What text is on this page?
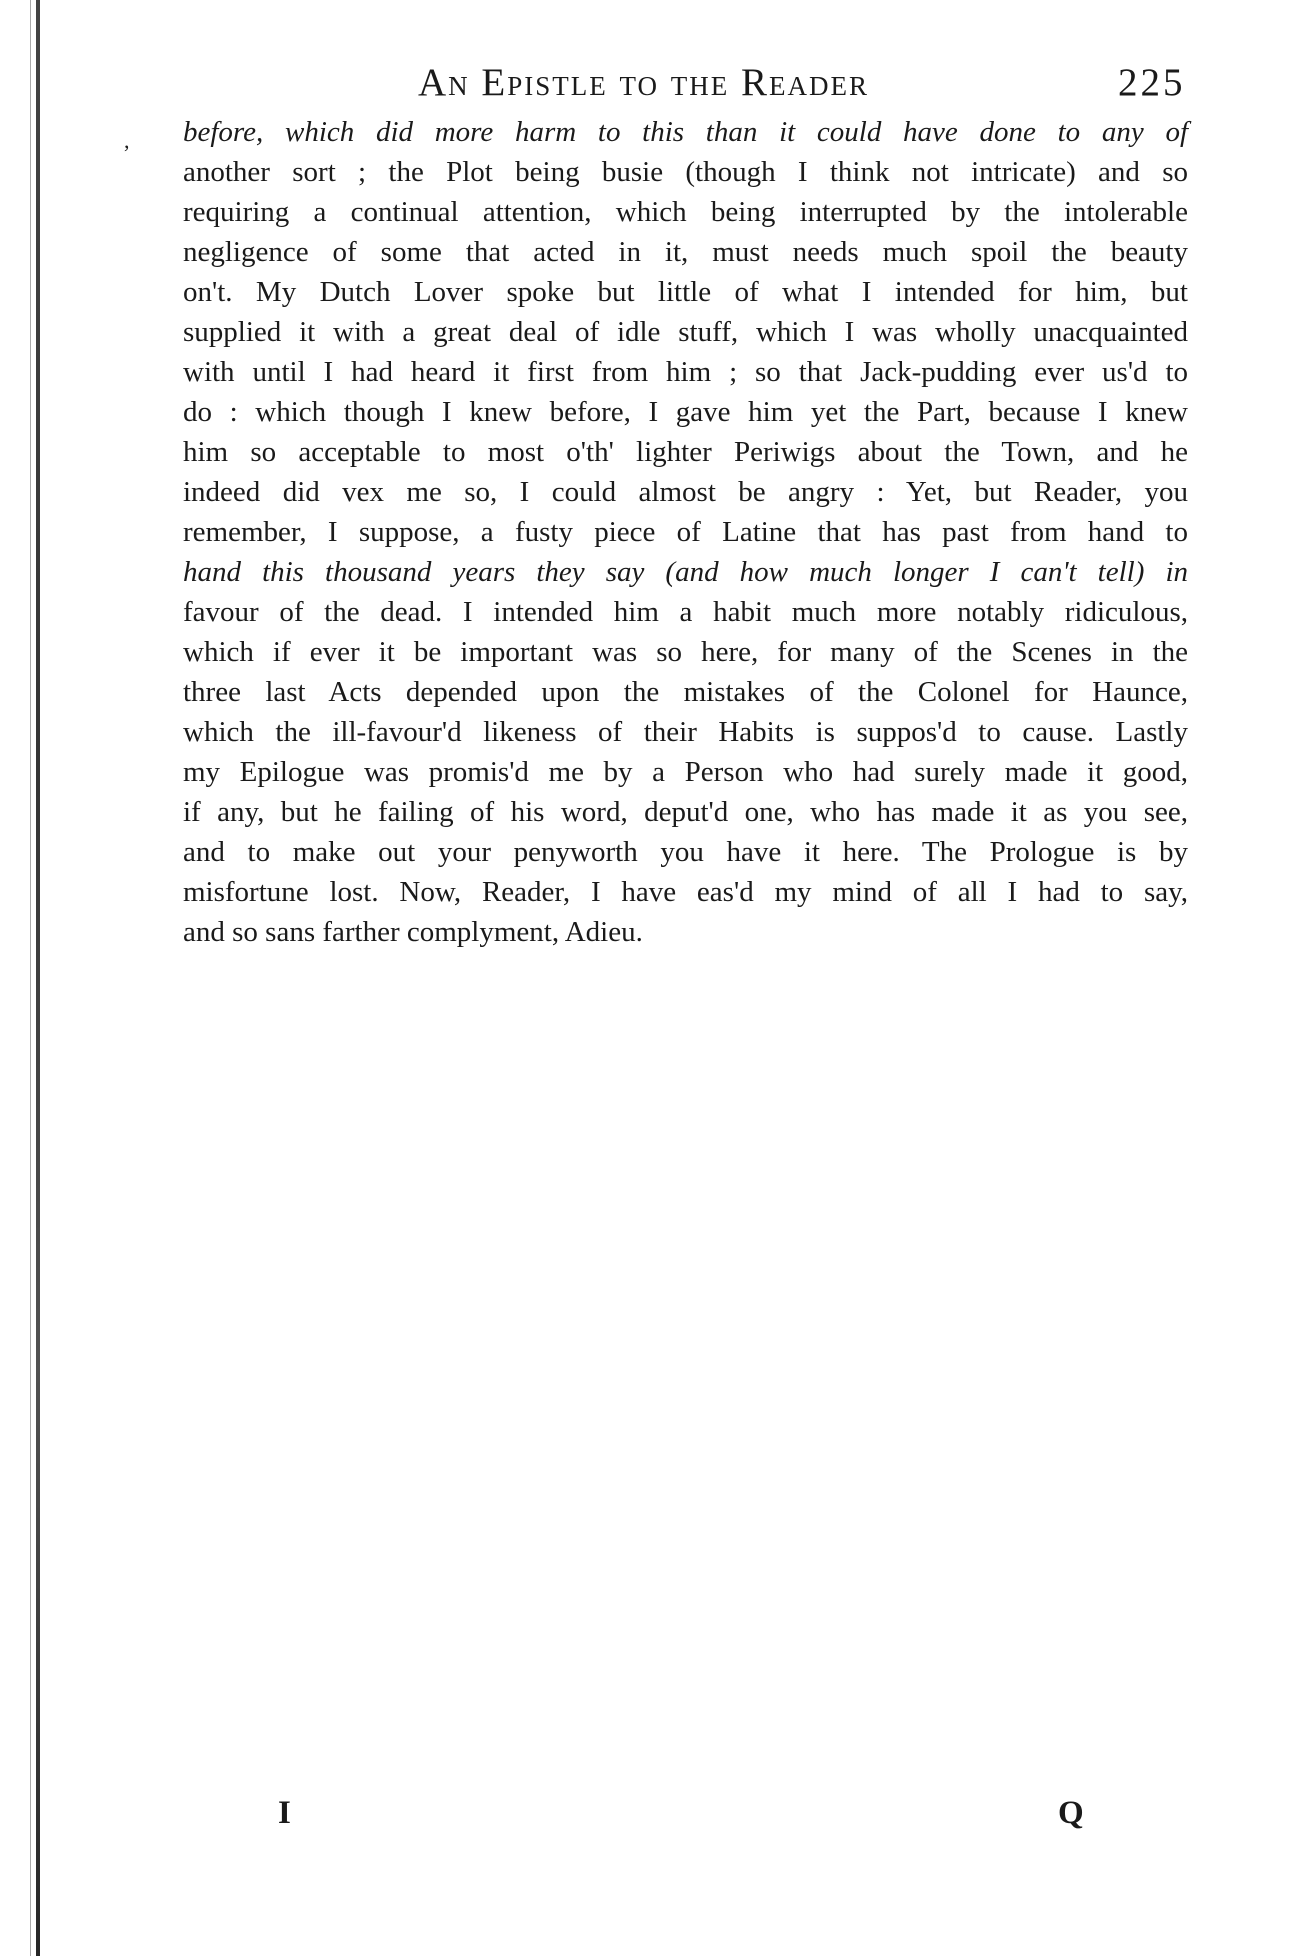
,
An Epistle to the Reader	225
before, which did more harm to this than it could have done to any of
another sort ; the Plot being busie (though I think not intricate) and so
requiring a continual attention, which being interrupted by the intolerable
negligence of some that acted in it, must needs much spoil the beauty
on't. My Dutch Lover spoke but little of what I intended for him, but
supplied it with a great deal of idle stuff, which I was wholly unacquainted
with until I had heard it first from him ; so that Jack-pudding ever us'd to
do : which though I knew before, I gave him yet the Part, because I knew
him so acceptable to most o'th' lighter Periwigs about the Town, and he
indeed did vex me so, I could almost be angry : Yet, but Reader, you
remember, I suppose, a fusty piece of Latine that has past from hand to
hand this thousand years they say (and how much longer I can't tell) in
favour of the dead. I intended him a habit much more notably ridiculous,
which if ever it be important was so here, for many of the Scenes in the
three last Acts depended upon the mistakes of the Colonel for Haunce,
which the ill-favour'd likeness of their Habits is suppos'd to cause. Lastly
my Epilogue was promis'd me by a Person who had surely made it good,
if any, but he failing of his word, deput'd one, who has made it as you see,
and to make out your penyworth you have it here. The Prologue is by
misfortune lost. Now, Reader, I have eas'd my mind of all I had to say,
and so sans farther complyment, Adieu.
I	Q
